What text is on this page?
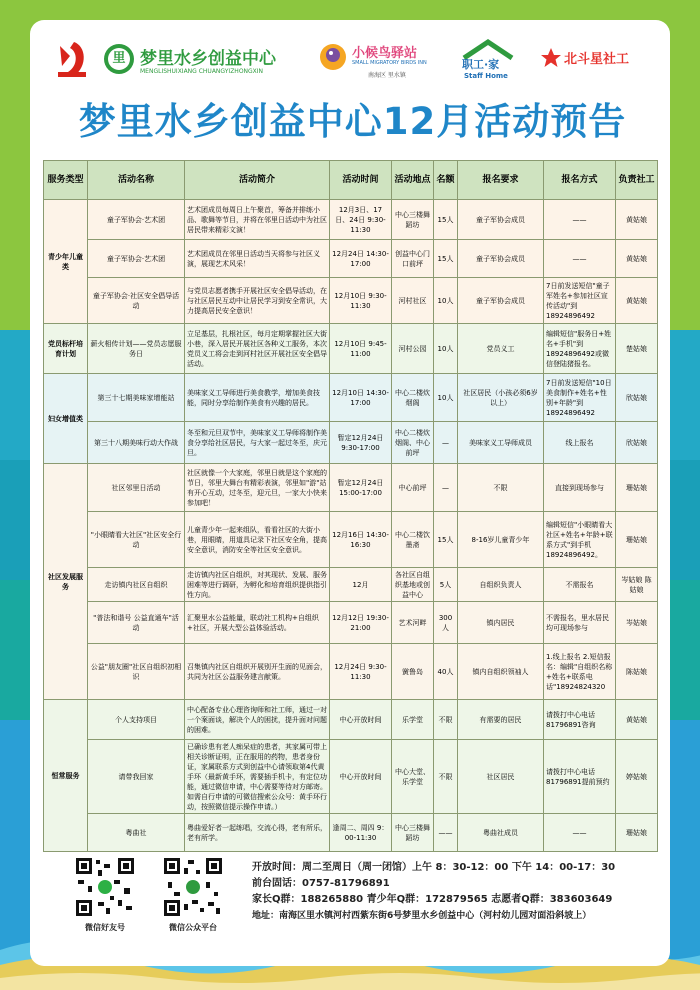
里 梦里水乡创益中心
MENGLISHUIXIANG CHUANGYIZHONGXIN
小候鸟驿站
SMALL MIGRATORY BIRDS INN
南海区 里水镇
职工·家
Staff Home
北斗星社工
梦里水乡创益中心12月活动预告
服务类型	活动名称	活动简介	活动时间	活动地点	名额	报名要求	报名方式	负责社工
青少年儿童类	童子军协会·艺术团	艺术团成员每周日上午聚首，筹备并排练小品、歌舞等节目，并将在邻里日活动中为社区居民带来精彩文演！	12月3日、17日、24日 9:30-11:30	中心三楼舞蹈坊	15人	童子军协会成员	——	黄姑娘
	童子军协会·艺术团	艺术团成员在邻里日活动当天将参与社区义演，展现艺术风采！	12月24日 14:30-17:00	创益中心门口前坪	15人	童子军协会成员	——	黄姑娘
	童子军协会·社区安全倡导活动	与党员志愿者携手开展社区安全倡导活动，在与社区居民互动中让居民学习到安全常识，大力提高居民安全意识！	12月10日 9:30-11:30	河村社区	10人	童子军协会成员	7日前发送短信"童子军姓名+参加社区宣传活动"到18924896492	黄姑娘
党员标杆培育计划	薪火相传计划——党员志愿服务日	立足基层，扎根社区，每月定期掌握社区大街小巷，深入居民开展社区各种义工服务，本次党员义工将会走到河村社区开展社区安全倡导活动。	12月10日 9:45-11:00	河村公园	10人	党员义工	编辑短信"服务日+姓名+手机"到18924896492或微信登陆猪报名。	楚姑娘
妇女增值类	第三十七期美味家增能站	美味家义工导师进行美食教学，增加美食技能，同时分享给制作美食有兴趣的居民。	12月10日 14:30-17:00	中心二楼炊烟阁	10人	社区居民（小孩必须6岁以上）	7日前发送短信"10日美食制作+姓名+性别+年龄"到18924896492	欣姑娘
	第三十八期美味行动大作战	冬至和元旦双节中，美味家义工导师将制作美食分享给社区居民，与大家一起过冬至，庆元旦。	暂定12月24日 9:30-17:00	中心二楼炊烟阁、中心前坪	—	美味家义工导师成员	线上报名	欣姑娘
社区发展服务	社区邻里日活动	社区就像一个大家庭，邻里日就是这个家庭的节日，邻里大舞台有精彩表演，邻里如"游"站有开心互动，过冬至，迎元旦，一家大小快来参加吧！	暂定12月24日 15:00-17:00	中心前坪	—	不限	直接到现场参与	珊姑娘
	"小眼睛看大社区"社区安全行动	儿童青少年一起来组队，看看社区的大街小巷，用眼睛，用道具记录下社区安全角，提高安全意识，消防安全等社区安全意识。	12月16日 14:30-16:30	中心二楼饮墨斋	15人	8-16岁儿童青少年	编辑短信"小眼睛看大社区+姓名+年龄+联系方式"到手机18924896492。	珊姑娘
	走访镇内社区自组织	走访镇内社区自组织，对其现状、发展、服务困难等进行调研，为孵化和培育组织提供指引性方向。	12月	各社区自组织基地或创益中心	5人	自组织负责人	不需报名	岑姑娘 陈姑娘
	"普法和谐号 公益直通车"活动	汇聚里水公益能量，联动社工机构+自组织+社区，开展大型公益体验活动。	12月12日 19:30-21:00	艺术河畔	300人	镇内居民	不需报名，里水居民均可现场参与	岑姑娘
	公益"朋友圈"社区自组织初相识	召集镇内社区自组织开展别开生面的见面会，共同为社区公益服务建言献策。	12月24日 9:30-11:30	黉鲁岛	40人	镇内自组织领袖人	1.线上报名 2.短信报名：编辑"自组织名称+姓名+联系电话"18924824320	陈姑娘
恒常服务	个人支持项目	中心配备专业心理咨询师和社工师，通过一对一个案面谈，解决个人的困扰，提升面对问题的困难。	中心开放时间	乐学堂	不限	有需要的居民	请拨打中心电话81796891咨询	黄姑娘
	请带我回家	已确诊患有老人痴呆症的患者，其家属可带上相关诊断证明，正在服用的药物，患者身份证，家属联系方式到创益中心请领取第4代黄手环（最新黄手环，需要插手机卡，有定位功能，通过微信申请，中心需要等待对方邮寄。如需自行申请的可微信搜索公众号：黄手环行动，按照微信提示操作申请。）	中心开放时间	中心大堂、乐学堂	不限	社区居民	请拨打中心电话81796891提前预约	婷姑娘
	粤曲社	粤曲爱好者一起练唱，交流心得，老有所乐，老有所学。	逢周二、周四 9：00-11:30	中心三楼舞蹈坊	——	粤曲社成员	——	珊姑娘
微信好友号	微信公众平台
开放时间：周二至周日（周一闭馆）上午 8：30-12：00 下午 14：00-17：30
前台固话：0757-81796891
家长Q群：188265880 青少年Q群：172879565 志愿者Q群：383603649
地址：南海区里水镇河村西紫东街6号梦里水乡创益中心（河村幼儿园对面沿斜坡上）
